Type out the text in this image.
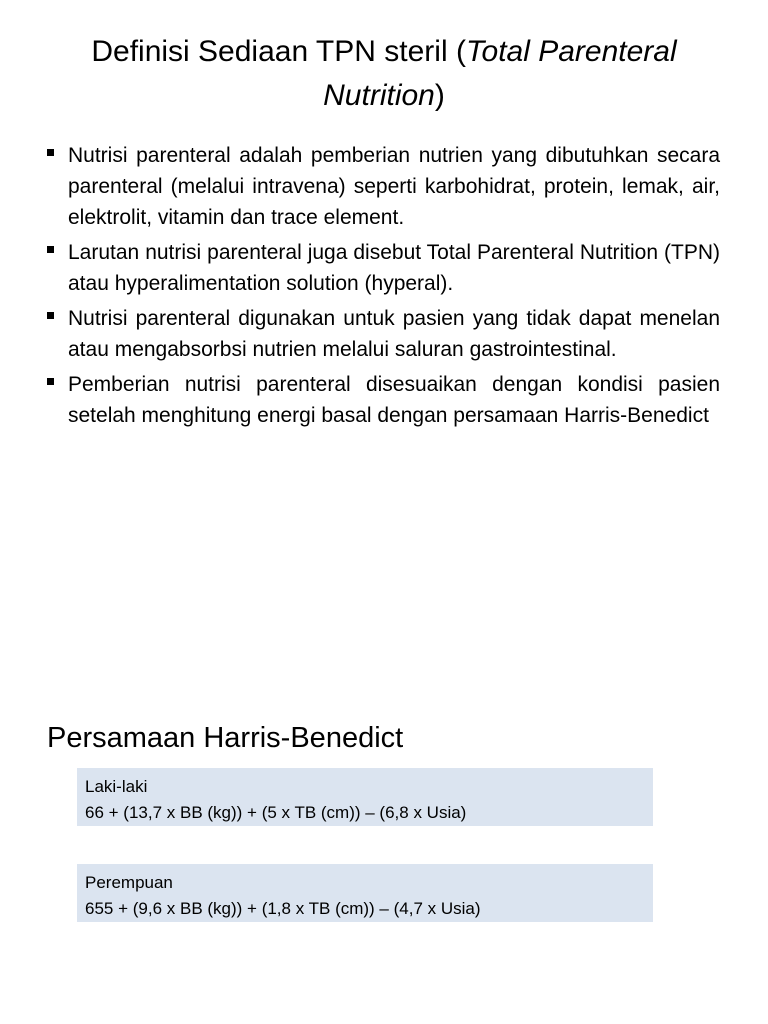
Definisi Sediaan TPN steril (Total Parenteral Nutrition)
Nutrisi parenteral adalah pemberian nutrien yang dibutuhkan secara parenteral (melalui intravena) seperti karbohidrat, protein, lemak, air, elektrolit, vitamin dan trace element.
Larutan nutrisi parenteral juga disebut Total Parenteral Nutrition (TPN) atau hyperalimentation solution (hyperal).
Nutrisi parenteral digunakan untuk pasien yang tidak dapat menelan atau mengabsorbsi nutrien melalui saluran gastrointestinal.
Pemberian nutrisi parenteral disesuaikan dengan kondisi pasien setelah menghitung energi basal dengan persamaan Harris-Benedict
Persamaan Harris-Benedict
Laki-laki
66 + (13,7 x BB (kg)) + (5 x TB (cm)) – (6,8 x Usia)
Perempuan
655 + (9,6 x BB (kg)) + (1,8 x TB (cm)) – (4,7 x Usia)
